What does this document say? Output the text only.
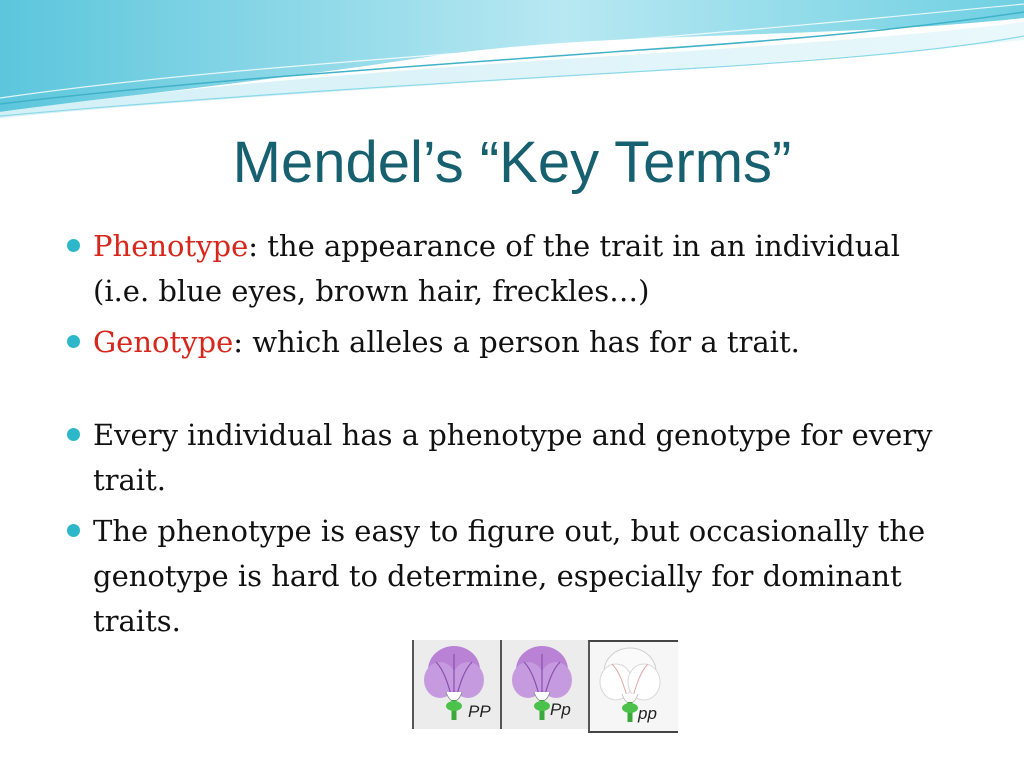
Mendel’s “Key Terms”
Phenotype: the appearance of the trait in an individual (i.e. blue eyes, brown hair, freckles…)
Genotype: which alleles a person has for a trait.
Every individual has a phenotype and genotype for every trait.
The phenotype is easy to figure out, but occasionally the genotype is hard to determine, especially for dominant traits.
PP	Pp	pp
